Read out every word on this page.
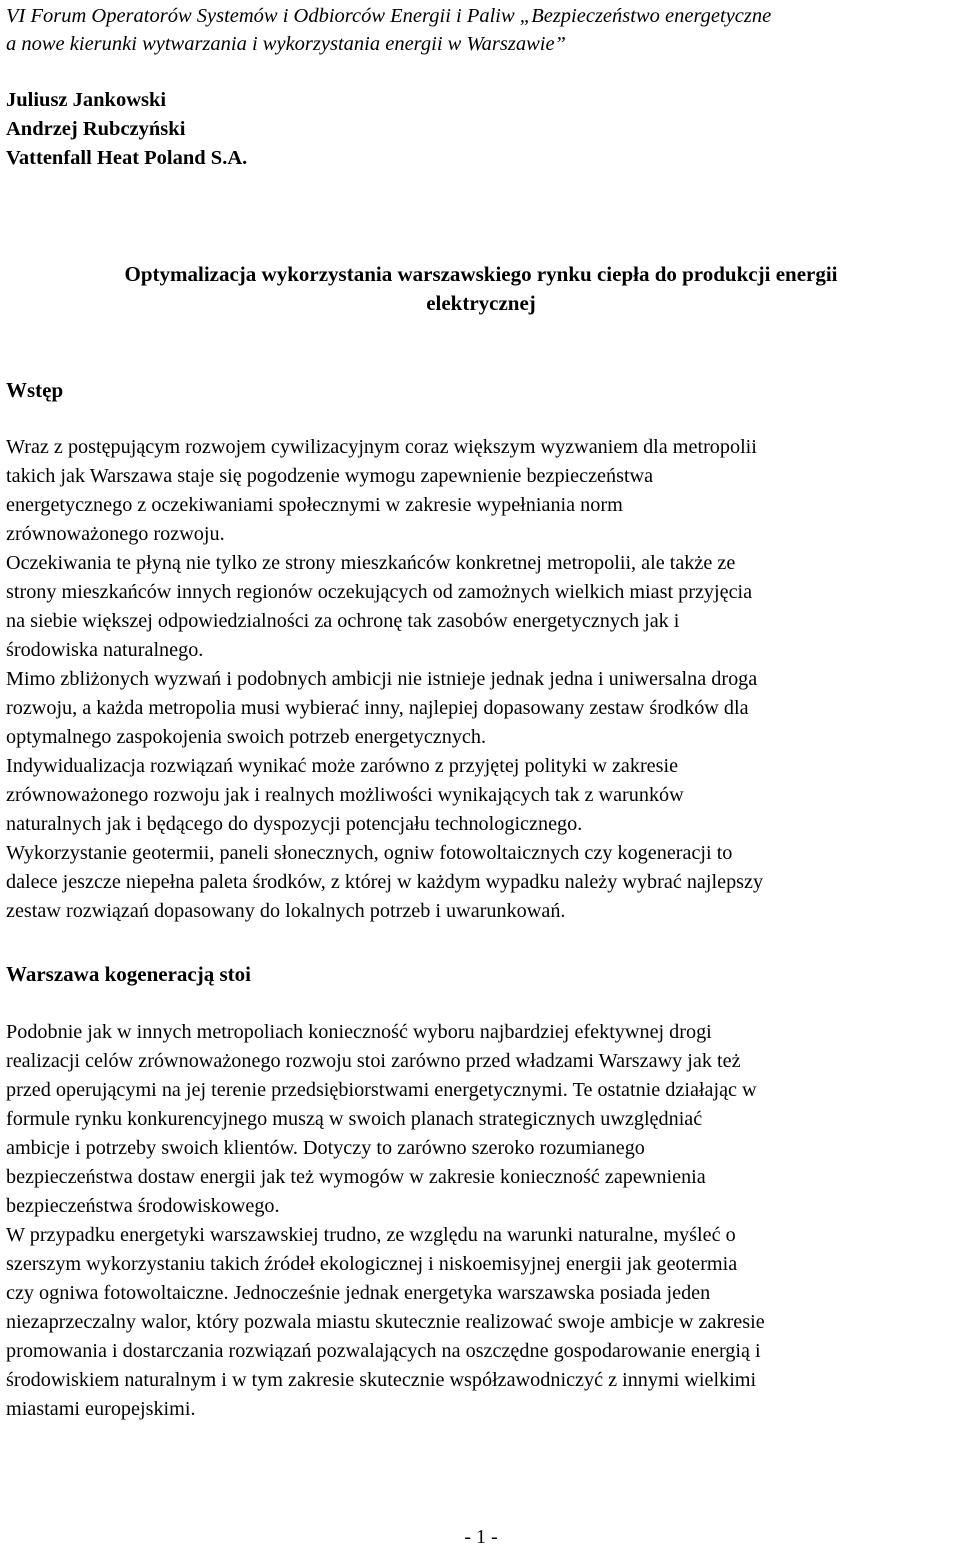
VI Forum Operatorów Systemów i Odbiorców Energii i Paliw „Bezpieczeństwo energetyczne
a nowe kierunki wytwarzania i wykorzystania energii w Warszawie”
Juliusz Jankowski
Andrzej Rubczyński
Vattenfall Heat Poland S.A.
Optymalizacja wykorzystania warszawskiego rynku ciepła do produkcji energii
elektrycznej
Wstęp
Wraz z postępującym rozwojem cywilizacyjnym coraz większym wyzwaniem dla metropolii
takich jak Warszawa staje się pogodzenie wymogu zapewnienie bezpieczeństwa
energetycznego z oczekiwaniami społecznymi w zakresie wypełniania norm
zrównoważonego rozwoju.
Oczekiwania te płyną nie tylko ze strony mieszkańców konkretnej metropolii, ale także ze
strony mieszkańców innych regionów oczekujących od zamożnych wielkich miast przyjęcia
na siebie większej odpowiedzialności za ochronę tak zasobów energetycznych jak i
środowiska naturalnego.
Mimo zbliżonych wyzwań i podobnych ambicji nie istnieje jednak jedna i uniwersalna droga
rozwoju, a każda metropolia musi wybierać inny, najlepiej dopasowany zestaw środków dla
optymalnego zaspokojenia swoich potrzeb energetycznych.
Indywidualizacja rozwiązań wynikać może zarówno z przyjętej polityki w zakresie
zrównoważonego rozwoju jak i realnych możliwości wynikających tak z warunków
naturalnych jak i będącego do dyspozycji potencjału technologicznego.
Wykorzystanie geotermii, paneli słonecznych, ogniw fotowoltaicznych czy kogeneracji to
dalece jeszcze niepełna paleta środków, z której w każdym wypadku należy wybrać najlepszy
zestaw rozwiązań dopasowany do lokalnych potrzeb i uwarunkowań.
Warszawa kogeneracją stoi
Podobnie jak w innych metropoliach konieczność wyboru najbardziej efektywnej drogi
realizacji celów zrównoważonego rozwoju stoi zarówno przed władzami Warszawy jak też
przed operującymi na jej terenie przedsiębiorstwami energetycznymi. Te ostatnie działając w
formule rynku konkurencyjnego muszą w swoich planach strategicznych uwzględniać
ambicje i potrzeby swoich klientów. Dotyczy to zarówno szeroko rozumianego
bezpieczeństwa dostaw energii jak też wymogów w zakresie konieczność zapewnienia
bezpieczeństwa środowiskowego.
W przypadku energetyki warszawskiej trudno, ze względu na warunki naturalne, myśleć o
szerszym wykorzystaniu takich źródeł ekologicznej i niskoemisyjnej energii jak geotermia
czy ogniwa fotowoltaiczne. Jednocześnie jednak energetyka warszawska posiada jeden
niezaprzeczalny walor, który pozwala miastu skutecznie realizować swoje ambicje w zakresie
promowania i dostarczania rozwiązań pozwalających na oszczędne gospodarowanie energią i
środowiskiem naturalnym i w tym zakresie skutecznie współzawodniczyć z innymi wielkimi
miastami europejskimi.
- 1 -
